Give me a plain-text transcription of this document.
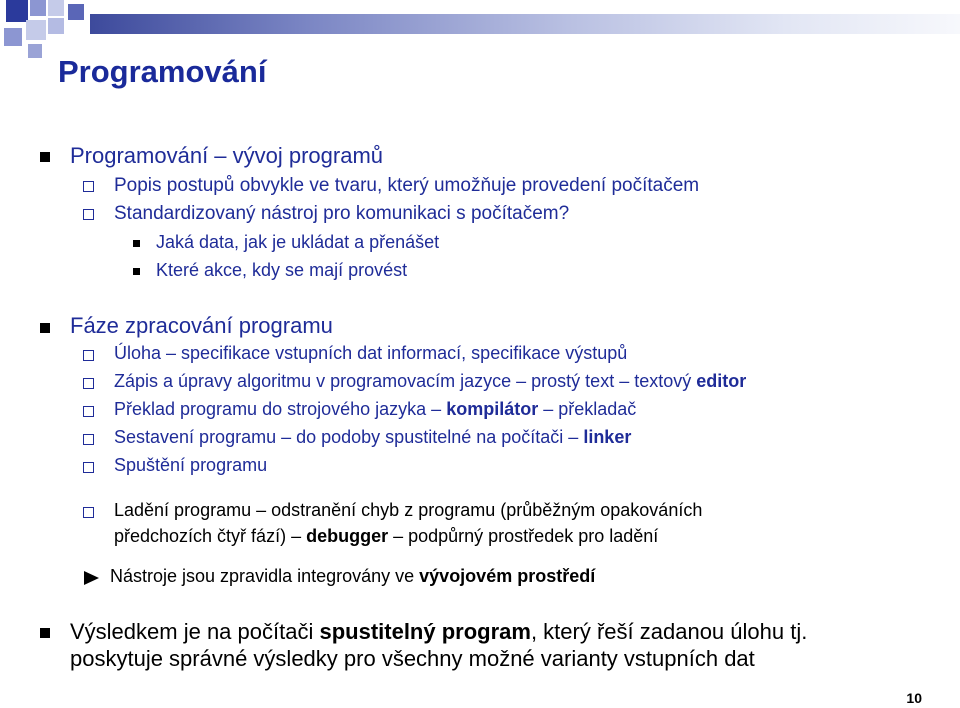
Programování
Programování – vývoj programů
Popis postupů obvykle ve tvaru, který umožňuje provedení počítačem
Standardizovaný nástroj pro komunikaci s počítačem?
Jaká data, jak je ukládat a přenášet
Které akce, kdy se mají provést
Fáze zpracování programu
Úloha – specifikace vstupních dat informací, specifikace výstupů
Zápis a úpravy algoritmu v programovacím jazyce – prostý text – textový editor
Překlad programu do strojového jazyka – kompilátor – překladač
Sestavení programu – do podoby spustitelné na počítači – linker
Spuštění programu
Ladění programu – odstranění chyb z programu (průběžným opakováních
předchozích čtyř fází) – debugger – podpůrný prostředek pro ladění
Nástroje jsou zpravidla integrovány ve vývojovém prostředí
Výsledkem je na počítači spustitelný program, který řeší zadanou úlohu tj.
poskytuje správné výsledky pro všechny možné varianty vstupních dat
10
